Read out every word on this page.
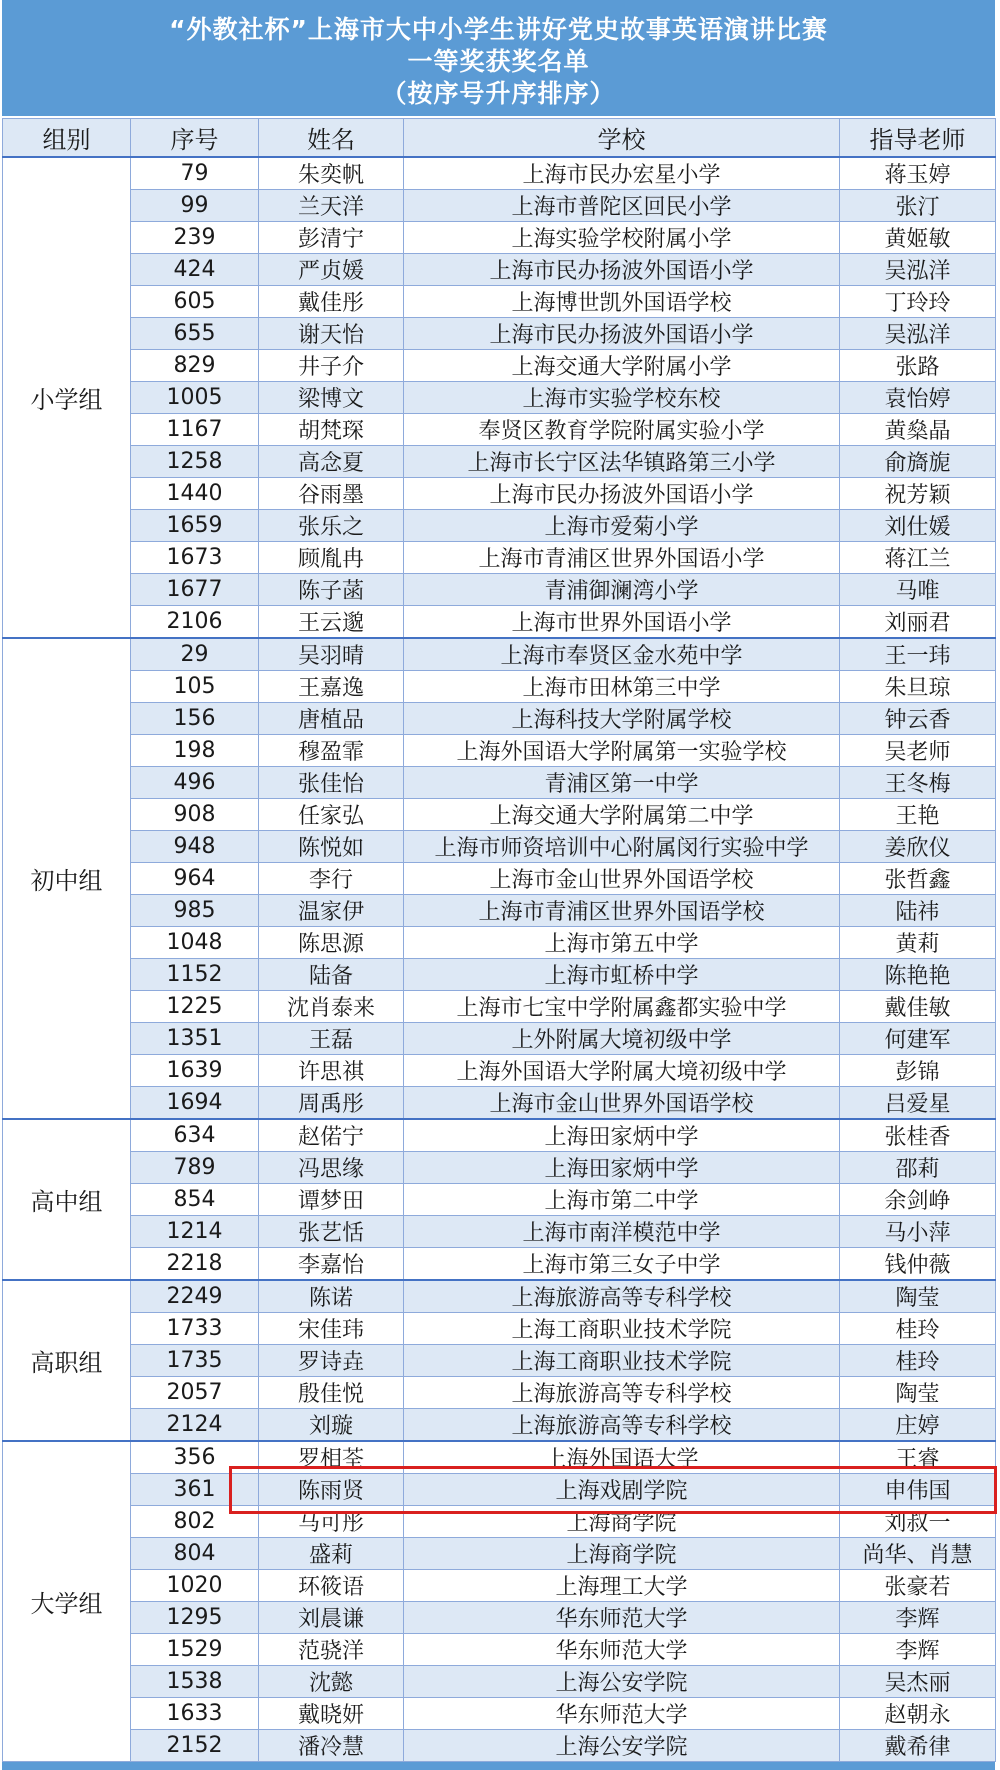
“外教社杯”上海市大中小学生讲好党史故事英语演讲比赛
一等奖获奖名单
（按序号升序排序）
组别	序号	姓名	学校	指导老师
小学组	79	朱奕帆	上海市民办宏星小学	蒋玉婷
	99	兰天洋	上海市普陀区回民小学	张汀
	239	彭清宁	上海实验学校附属小学	黄姬敏
	424	严贞媛	上海市民办扬波外国语小学	吴泓洋
	605	戴佳彤	上海博世凯外国语学校	丁玲玲
	655	谢天怡	上海市民办扬波外国语小学	吴泓洋
	829	井子介	上海交通大学附属小学	张路
	1005	梁博文	上海市实验学校东校	袁怡婷
	1167	胡梵琛	奉贤区教育学院附属实验小学	黄燊晶
	1258	高念夏	上海市长宁区法华镇路第三小学	俞旖旎
	1440	谷雨墨	上海市民办扬波外国语小学	祝芳颖
	1659	张乐之	上海市爱菊小学	刘仕媛
	1673	顾胤冉	上海市青浦区世界外国语小学	蒋江兰
	1677	陈子菡	青浦御澜湾小学	马唯
	2106	王云邈	上海市世界外国语小学	刘丽君
初中组	29	吴羽晴	上海市奉贤区金水苑中学	王一玮
	105	王嘉逸	上海市田林第三中学	朱旦琼
	156	唐植品	上海科技大学附属学校	钟云香
	198	穆盈霏	上海外国语大学附属第一实验学校	吴老师
	496	张佳怡	青浦区第一中学	王冬梅
	908	任家弘	上海交通大学附属第二中学	王艳
	948	陈悦如	上海市师资培训中心附属闵行实验中学	姜欣仪
	964	李行	上海市金山世界外国语学校	张哲鑫
	985	温家伊	上海市青浦区世界外国语学校	陆祎
	1048	陈思源	上海市第五中学	黄莉
	1152	陆备	上海市虹桥中学	陈艳艳
	1225	沈肖泰来	上海市七宝中学附属鑫都实验中学	戴佳敏
	1351	王磊	上外附属大境初级中学	何建军
	1639	许思祺	上海外国语大学附属大境初级中学	彭锦
	1694	周禹彤	上海市金山世界外国语学校	吕爱星
高中组	634	赵偌宁	上海田家炳中学	张桂香
	789	冯思缘	上海田家炳中学	邵莉
	854	谭梦田	上海市第二中学	余剑峥
	1214	张艺恬	上海市南洋模范中学	马小萍
	2218	李嘉怡	上海市第三女子中学	钱仲薇
高职组	2249	陈诺	上海旅游高等专科学校	陶莹
	1733	宋佳玮	上海工商职业技术学院	桂玲
	1735	罗诗垚	上海工商职业技术学院	桂玲
	2057	殷佳悦	上海旅游高等专科学校	陶莹
	2124	刘璇	上海旅游高等专科学校	庄婷
大学组	356	罗相荃	上海外国语大学	王睿
	361	陈雨贤	上海戏剧学院	申伟国
	802	马可彤	上海商学院	刘叔一
	804	盛莉	上海商学院	尚华、肖慧
	1020	环筱语	上海理工大学	张豪若
	1295	刘晨谦	华东师范大学	李辉
	1529	范骁洋	华东师范大学	李辉
	1538	沈懿	上海公安学院	吴杰丽
	1633	戴晓妍	华东师范大学	赵朝永
	2152	潘冷慧	上海公安学院	戴希律
